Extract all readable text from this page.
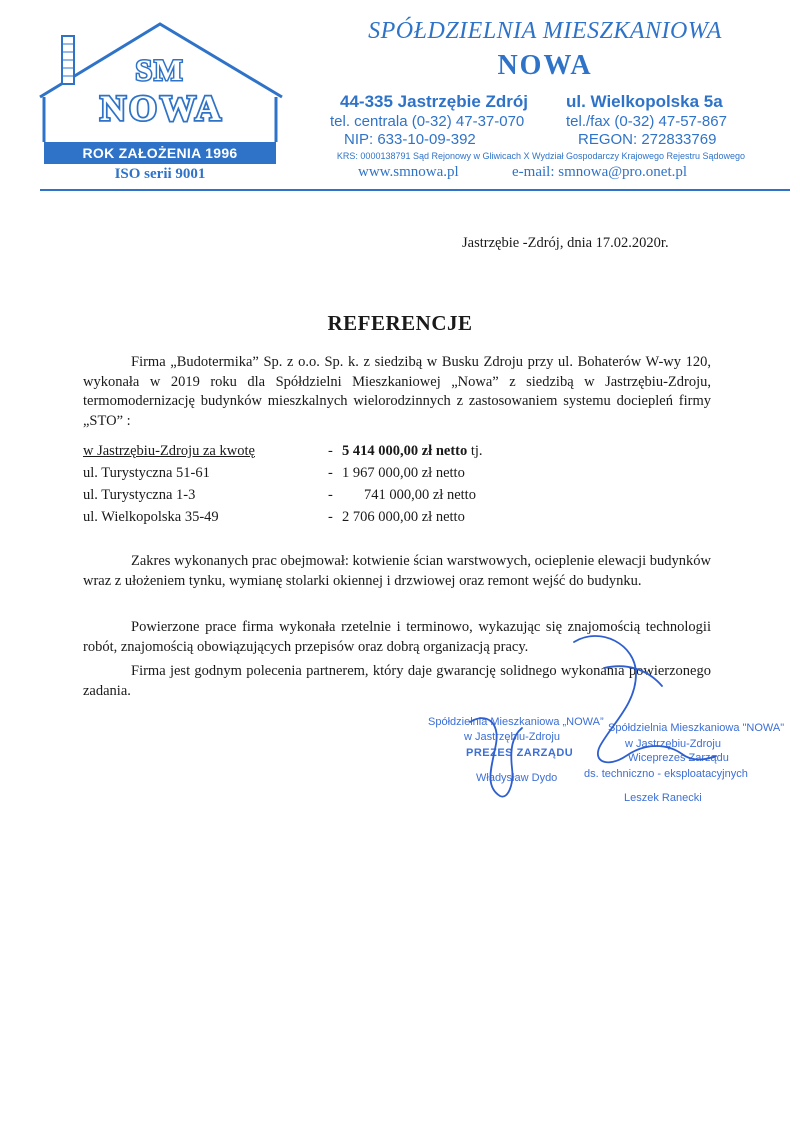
SM
NOWA
ROK ZAŁOŻENIA 1996
ISO serii 9001
SPÓŁDZIELNIA MIESZKANIOWA
NOWA
44-335 Jastrzębie Zdrój ul. Wielkopolska 5a
tel. centrala (0-32) 47-37-070	tel./fax (0-32) 47-57-867
NIP: 633-10-09-392	REGON: 272833769
KRS: 0000138791 Sąd Rejonowy w Gliwicach X Wydział Gospodarczy Krajowego Rejestru Sądowego
www.smnowa.pl	e-mail: smnowa@pro.onet.pl
Jastrzębie -Zdrój, dnia 17.02.2020r.
REFERENCJE
Firma „Budotermika” Sp. z o.o. Sp. k. z siedzibą w Busku Zdroju przy ul. Bohaterów W-wy 120, wykonała w 2019 roku dla Spółdzielni Mieszkaniowej „Nowa” z siedzibą w Jastrzębiu-Zdroju, termomodernizację budynków mieszkalnych wielorodzinnych z zastosowaniem systemu dociepleń firmy „STO” :
w Jastrzębiu-Zdroju za kwotę	- 5 414 000,00 zł netto tj.
ul. Turystyczna 51-61	- 1 967 000,00 zł netto
ul. Turystyczna 1-3	- 741 000,00 zł netto
ul. Wielkopolska 35-49	- 2 706 000,00 zł netto
Zakres wykonanych prac obejmował: kotwienie ścian warstwowych, ocieplenie elewacji budynków wraz z ułożeniem tynku, wymianę stolarki okiennej i drzwiowej oraz remont wejść do budynku.
Powierzone prace firma wykonała rzetelnie i terminowo, wykazując się znajomością technologii robót, znajomością obowiązujących przepisów oraz dobrą organizacją pracy.
Firma jest godnym polecenia partnerem, który daje gwarancję solidnego wykonania powierzonego zadania.
Spółdzielnia Mieszkaniowa „NOWA”
w Jastrzębiu-Zdroju
PREZES ZARZĄDU
Władysław Dydo
Spółdzielnia Mieszkaniowa "NOWA"
w Jastrzębiu-Zdroju
Wiceprezes Zarządu
ds. techniczno - eksploatacyjnych
Leszek Ranecki
